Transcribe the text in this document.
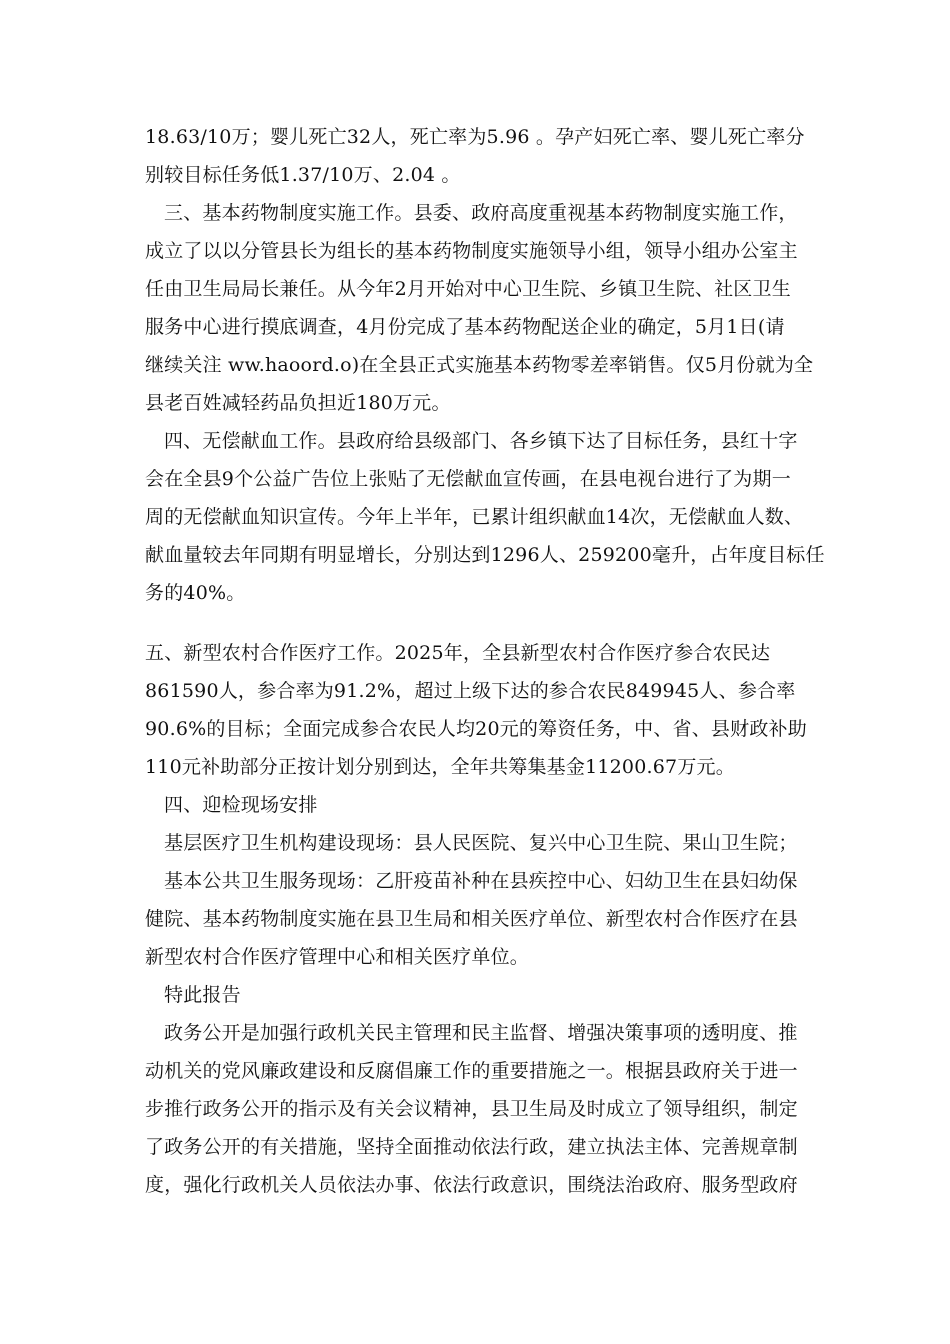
18.63/10万；婴儿死亡32人，死亡率为5.96 。孕产妇死亡率、婴儿死亡率分
别较目标任务低1.37/10万、2.04 。
三、基本药物制度实施工作。县委、政府高度重视基本药物制度实施工作，
成立了以以分管县长为组长的基本药物制度实施领导小组，领导小组办公室主
任由卫生局局长兼任。从今年2月开始对中心卫生院、乡镇卫生院、社区卫生
服务中心进行摸底调查，4月份完成了基本药物配送企业的确定，5月1日(请
继续关注 ww.haoord.o)在全县正式实施基本药物零差率销售。仅5月份就为全
县老百姓减轻药品负担近180万元。
四、无偿献血工作。县政府给县级部门、各乡镇下达了目标任务，县红十字
会在全县9个公益广告位上张贴了无偿献血宣传画，在县电视台进行了为期一
周的无偿献血知识宣传。今年上半年，已累计组织献血14次，无偿献血人数、
献血量较去年同期有明显增长，分别达到1296人、259200毫升，占年度目标任
务的40%。
五、新型农村合作医疗工作。2025年，全县新型农村合作医疗参合农民达
861590人，参合率为91.2%，超过上级下达的参合农民849945人、参合率
90.6%的目标；全面完成参合农民人均20元的筹资任务，中、省、县财政补助
110元补助部分正按计划分别到达，全年共筹集基金11200.67万元。
四、迎检现场安排
基层医疗卫生机构建设现场：县人民医院、复兴中心卫生院、果山卫生院；
基本公共卫生服务现场：乙肝疫苗补种在县疾控中心、妇幼卫生在县妇幼保
健院、基本药物制度实施在县卫生局和相关医疗单位、新型农村合作医疗在县
新型农村合作医疗管理中心和相关医疗单位。
特此报告
政务公开是加强行政机关民主管理和民主监督、增强决策事项的透明度、推
动机关的党风廉政建设和反腐倡廉工作的重要措施之一。根据县政府关于进一
步推行政务公开的指示及有关会议精神，县卫生局及时成立了领导组织，制定
了政务公开的有关措施，坚持全面推动依法行政，建立执法主体、完善规章制
度，强化行政机关人员依法办事、依法行政意识，围绕法治政府、服务型政府
